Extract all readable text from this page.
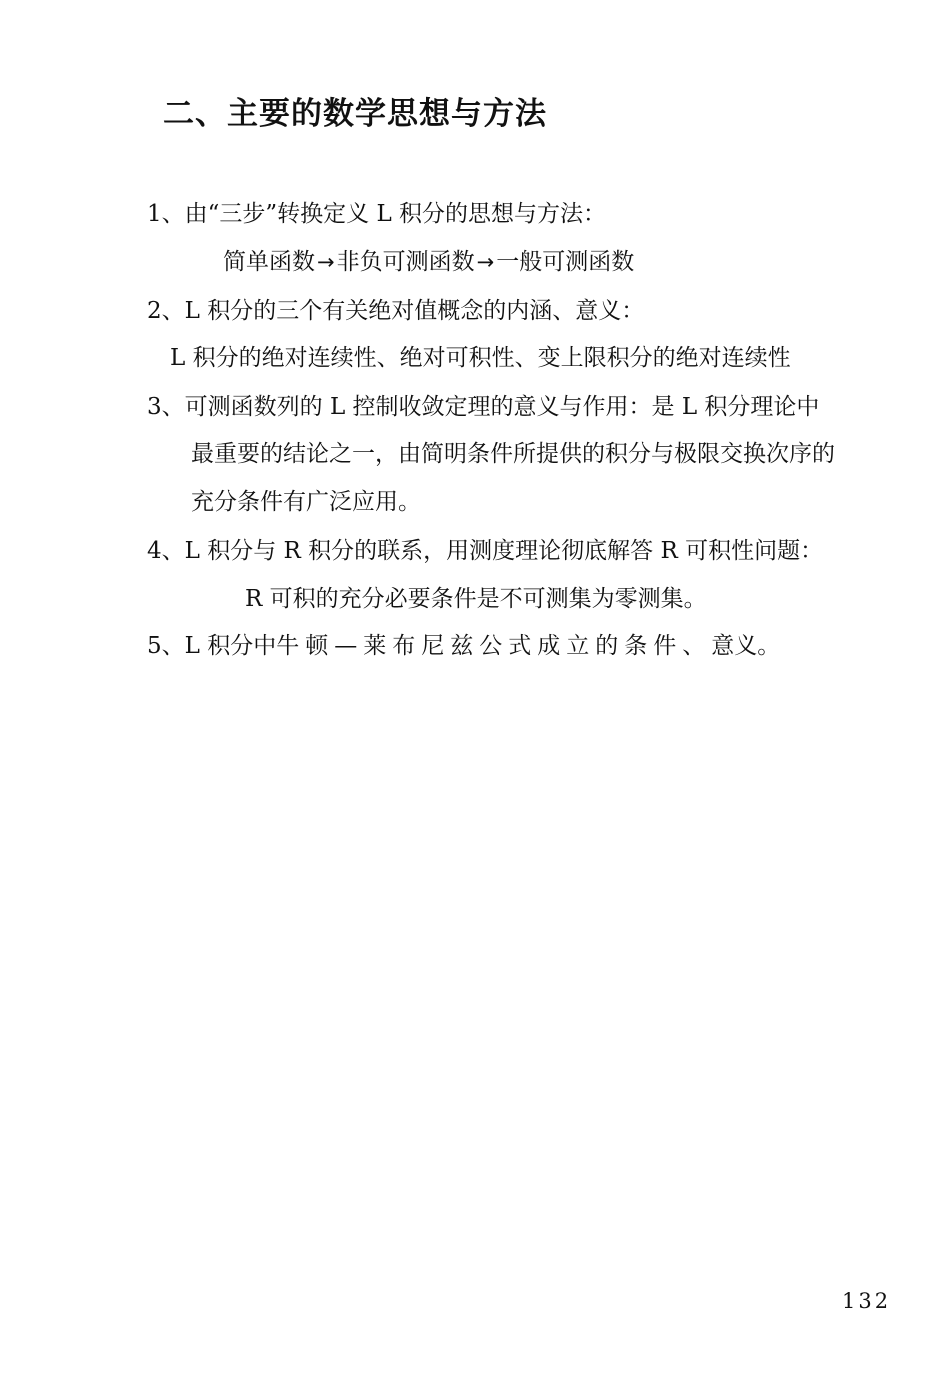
二、主要的数学思想与方法
1、由“三步”转换定义 L 积分的思想与方法：
简单函数→非负可测函数→一般可测函数
2、L 积分的三个有关绝对值概念的内涵、意义：
L 积分的绝对连续性、绝对可积性、变上限积分的绝对连续性
3、可测函数列的 L 控制收敛定理的意义与作用：是 L 积分理论中
最重要的结论之一，由简明条件所提供的积分与极限交换次序的
充分条件有广泛应用。
4、L 积分与 R 积分的联系，用测度理论彻底解答 R 可积性问题：
R 可积的充分必要条件是不可测集为零测集。
5、L 积分中牛 顿—莱布尼兹公式成立的条件、意义。
132
